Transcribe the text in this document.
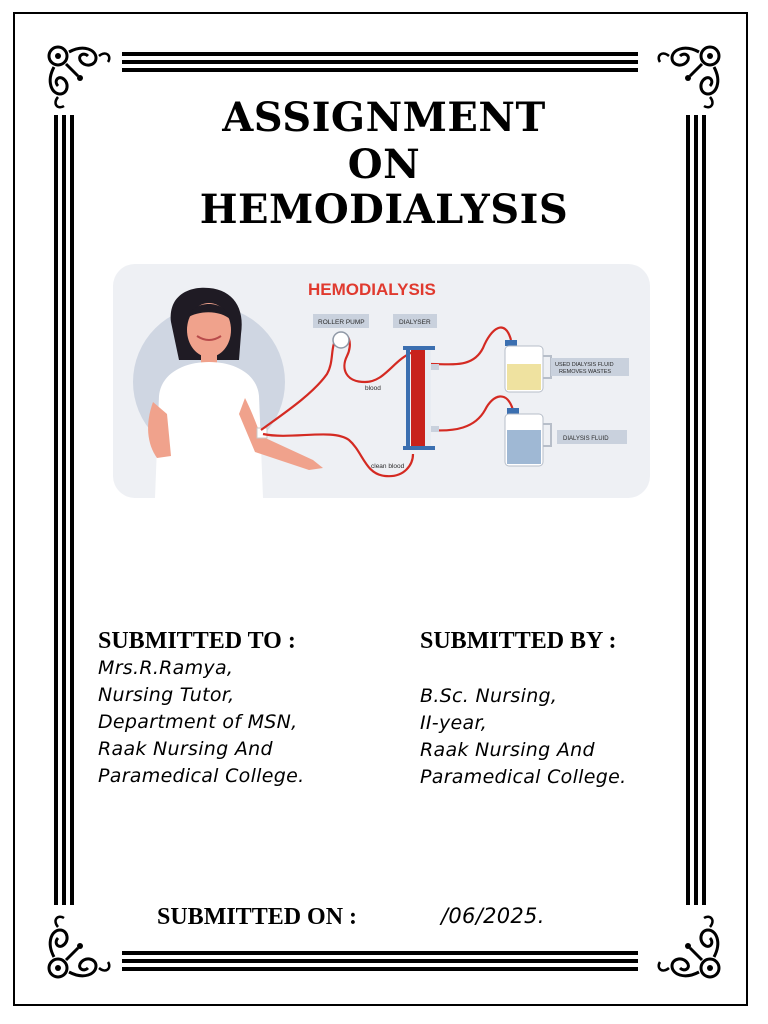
ASSIGNMENT
ON
HEMODIALYSIS
HEMODIALYSIS
ROLLER PUMP	DIALYSER
blood
clean blood
USED DIALYSIS FLUID
REMOVES WASTES
DIALYSIS FLUID
SUBMITTED TO :
Mrs.R.Ramya,
Nursing Tutor,
Department of MSN,
Raak Nursing And
Paramedical College.
SUBMITTED BY :
B.Sc. Nursing,
II-year,
Raak Nursing And
Paramedical College.
SUBMITTED ON :	/06/2025.
